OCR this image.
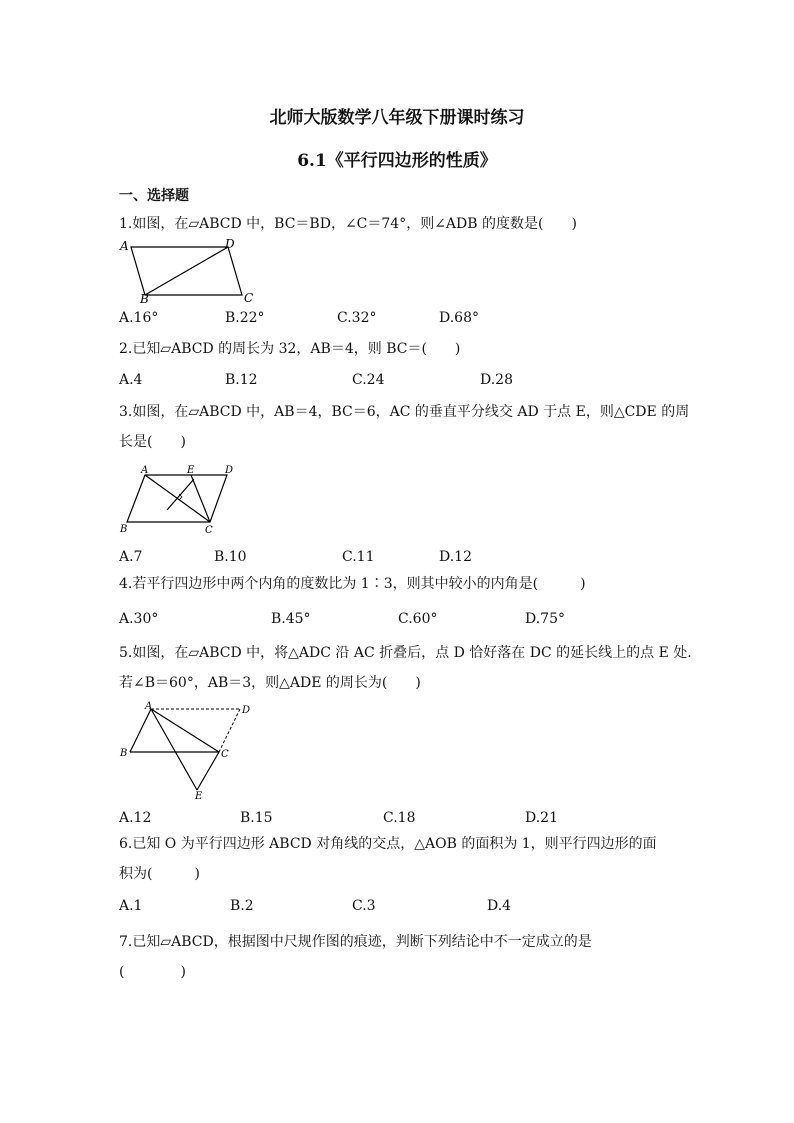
北师大版数学八年级下册课时练习
6.1《平行四边形的性质》
一、选择题
1.如图，在▱ABCD 中，BC＝BD，∠C＝74°，则∠ADB 的度数是(　　)
A	D
B	C
A.16°	B.22°	C.32°	D.68°
2.已知▱ABCD 的周长为 32，AB＝4，则 BC＝(　　)
A.4	B.12	C.24	D.28
3.如图，在▱ABCD 中，AB＝4，BC＝6，AC 的垂直平分线交 AD 于点 E，则△CDE 的周
长是(　　)
A	E	D
B	C
A.7	B.10	C.11	D.12
4.若平行四边形中两个内角的度数比为 1∶3，则其中较小的内角是(　　　)
A.30°	B.45°	C.60°	D.75°
5.如图，在▱ABCD 中，将△ADC 沿 AC 折叠后，点 D 恰好落在 DC 的延长线上的点 E 处.
若∠B＝60°，AB＝3，则△ADE 的周长为(　　)
A	D
B	C
E
A.12	B.15	C.18	D.21
6.已知 O 为平行四边形 ABCD 对角线的交点，△AOB 的面积为 1，则平行四边形的面
积为(　　　)
A.1	B.2	C.3	D.4
7.已知▱ABCD，根据图中尺规作图的痕迹，判断下列结论中不一定成立的是
(　　　　)
